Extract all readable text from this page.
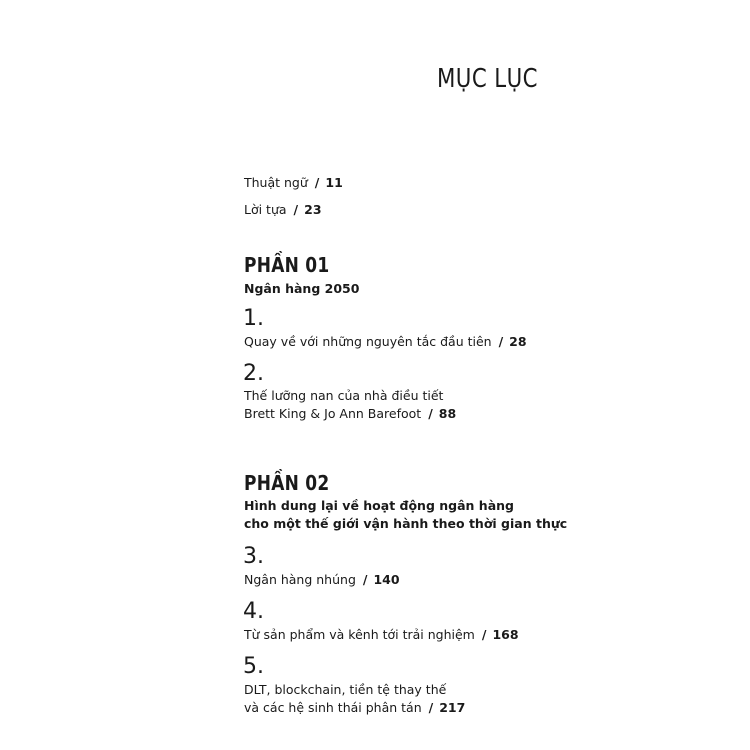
MỤC LỤC
Thuật ngữ / 11
Lời tựa / 23
PHẦN 01
Ngân hàng 2050
1.
Quay về với những nguyên tắc đầu tiên / 28
2.
Thế lưỡng nan của nhà điều tiết
Brett King & Jo Ann Barefoot / 88
PHẦN 02
Hình dung lại về hoạt động ngân hàng
cho một thế giới vận hành theo thời gian thực
3.
Ngân hàng nhúng / 140
4.
Từ sản phẩm và kênh tới trải nghiệm / 168
5.
DLT, blockchain, tiền tệ thay thế
và các hệ sinh thái phân tán / 217
